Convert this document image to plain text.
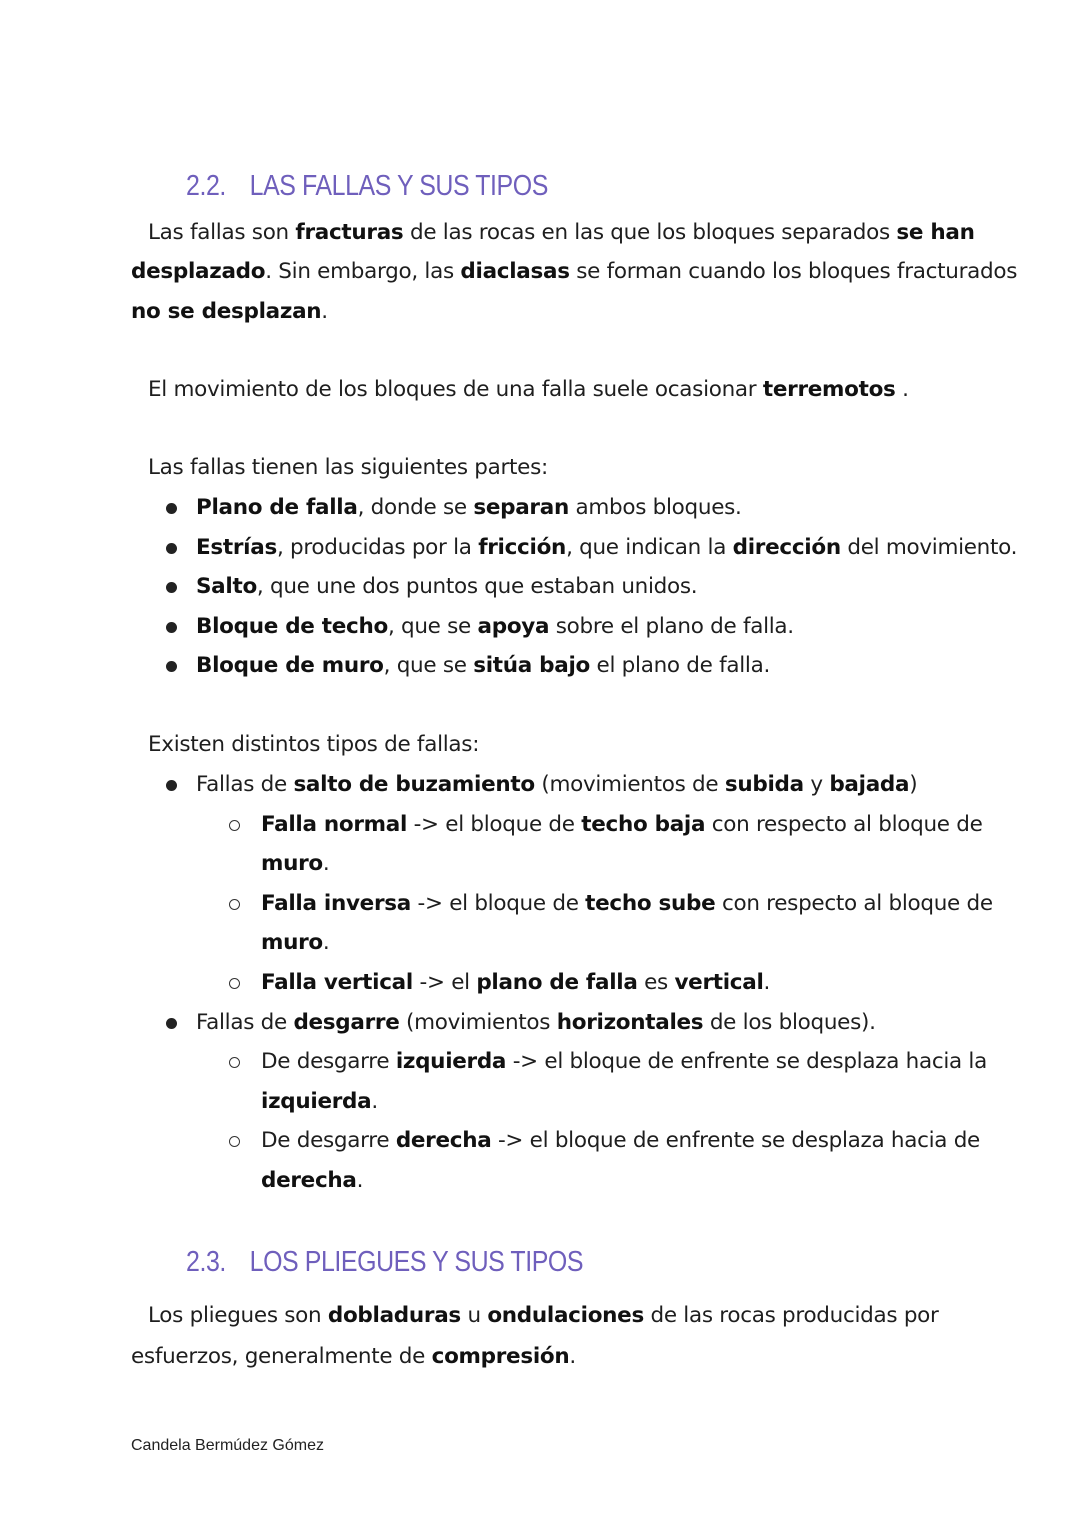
2.2. LAS FALLAS Y SUS TIPOS
Las fallas son fracturas de las rocas en las que los bloques separados se han
desplazado. Sin embargo, las diaclasas se forman cuando los bloques fracturados
no se desplazan.
El movimiento de los bloques de una falla suele ocasionar terremotos .
Las fallas tienen las siguientes partes:
Plano de falla, donde se separan ambos bloques.
Estrías, producidas por la fricción, que indican la dirección del movimiento.
Salto, que une dos puntos que estaban unidos.
Bloque de techo, que se apoya sobre el plano de falla.
Bloque de muro, que se sitúa bajo el plano de falla.
Existen distintos tipos de fallas:
Fallas de salto de buzamiento (movimientos de subida y bajada)
Falla normal -> el bloque de techo baja con respecto al bloque de
muro.
Falla inversa -> el bloque de techo sube con respecto al bloque de
muro.
Falla vertical -> el plano de falla es vertical.
Fallas de desgarre (movimientos horizontales de los bloques).
De desgarre izquierda -> el bloque de enfrente se desplaza hacia la
izquierda.
De desgarre derecha -> el bloque de enfrente se desplaza hacia de
derecha.
2.3. LOS PLIEGUES Y SUS TIPOS
Los pliegues son dobladuras u ondulaciones de las rocas producidas por
esfuerzos, generalmente de compresión.
Candela Bermúdez Gómez
